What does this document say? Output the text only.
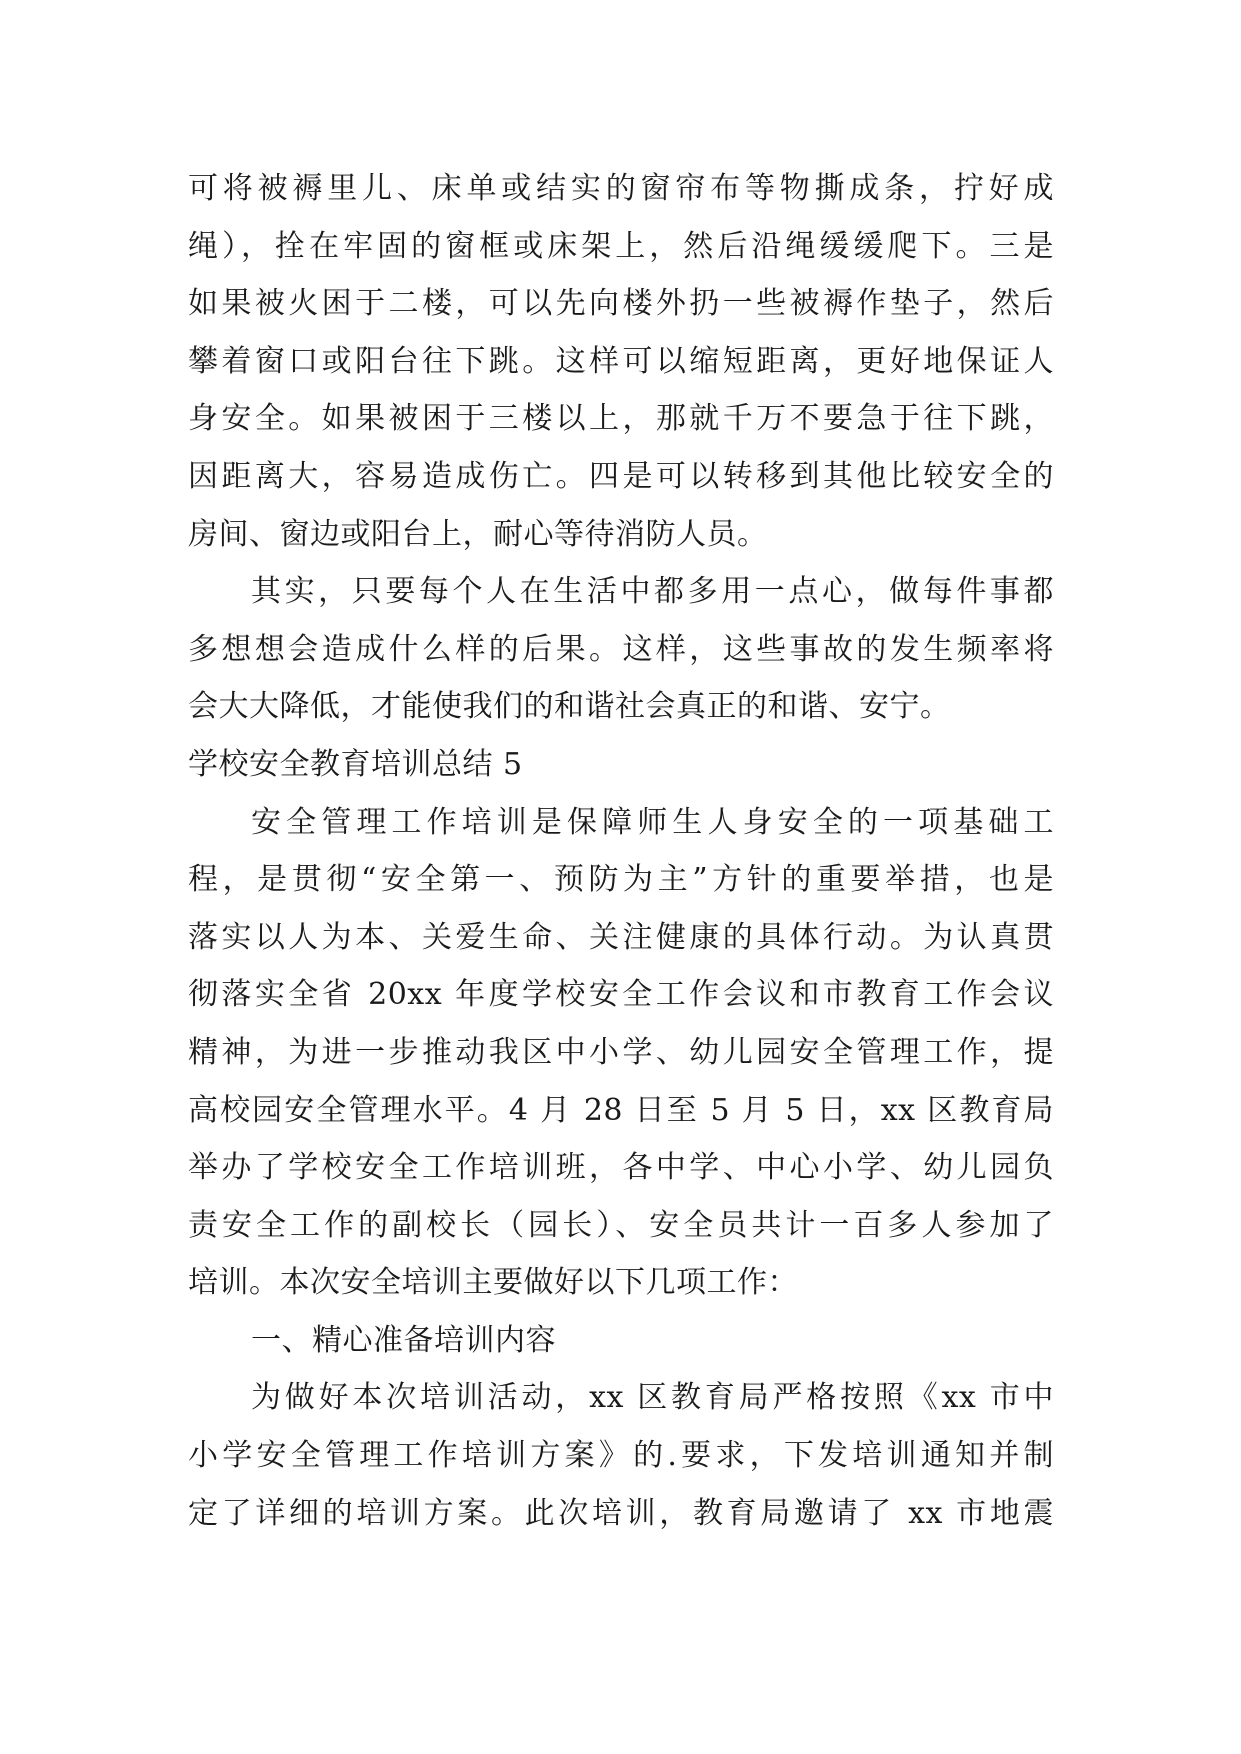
可将被褥里儿、床单或结实的窗帘布等物撕成条，拧好成
绳），拴在牢固的窗框或床架上，然后沿绳缓缓爬下。三是
如果被火困于二楼，可以先向楼外扔一些被褥作垫子，然后
攀着窗口或阳台往下跳。这样可以缩短距离，更好地保证人
身安全。如果被困于三楼以上，那就千万不要急于往下跳，
因距离大，容易造成伤亡。四是可以转移到其他比较安全的
房间、窗边或阳台上，耐心等待消防人员。
其实，只要每个人在生活中都多用一点心，做每件事都
多想想会造成什么样的后果。这样，这些事故的发生频率将
会大大降低，才能使我们的和谐社会真正的和谐、安宁。
学校安全教育培训总结 5
安全管理工作培训是保障师生人身安全的一项基础工
程，是贯彻“安全第一、预防为主”方针的重要举措，也是
落实以人为本、关爱生命、关注健康的具体行动。为认真贯
彻落实全省 20xx 年度学校安全工作会议和市教育工作会议
精神，为进一步推动我区中小学、幼儿园安全管理工作，提
高校园安全管理水平。4 月 28 日至 5 月 5 日，xx 区教育局
举办了学校安全工作培训班，各中学、中心小学、幼儿园负
责安全工作的副校长（园长）、安全员共计一百多人参加了
培训。本次安全培训主要做好以下几项工作：
一、精心准备培训内容
为做好本次培训活动，xx 区教育局严格按照《xx 市中
小学安全管理工作培训方案》的.要求，下发培训通知并制
定了详细的培训方案。此次培训，教育局邀请了 xx 市地震
